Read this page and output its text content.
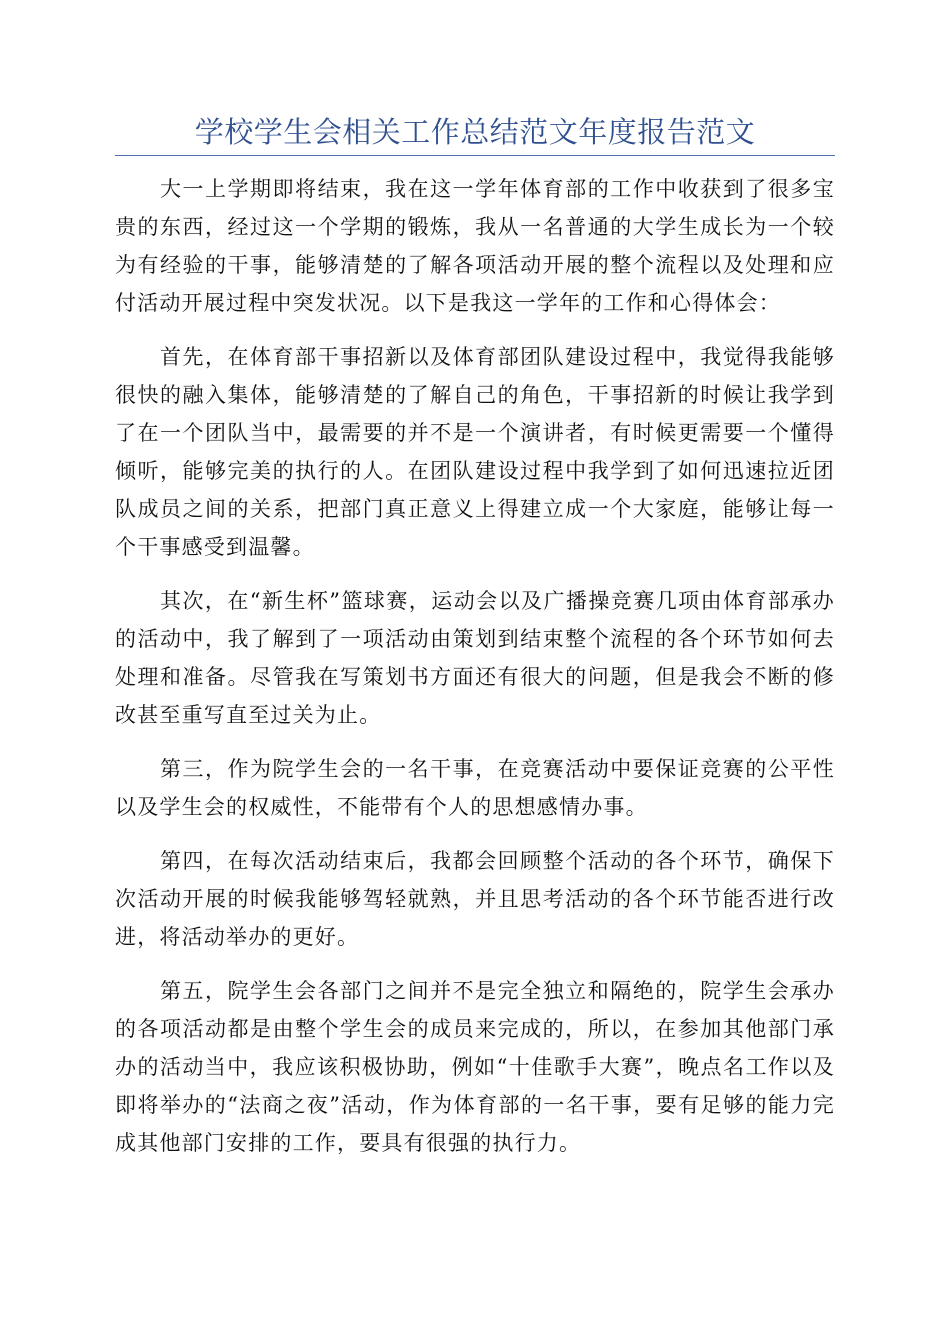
学校学生会相关工作总结范文年度报告范文

大一上学期即将结束，我在这一学年体育部的工作中收获到了很多宝贵的东西，经过这一个学期的锻炼，我从一名普通的大学生成长为一个较为有经验的干事，能够清楚的了解各项活动开展的整个流程以及处理和应付活动开展过程中突发状况。以下是我这一学年的工作和心得体会：

首先，在体育部干事招新以及体育部团队建设过程中，我觉得我能够很快的融入集体，能够清楚的了解自己的角色，干事招新的时候让我学到了在一个团队当中，最需要的并不是一个演讲者，有时候更需要一个懂得倾听，能够完美的执行的人。在团队建设过程中我学到了如何迅速拉近团队成员之间的关系，把部门真正意义上得建立成一个大家庭，能够让每一个干事感受到温馨。

其次，在“新生杯”篮球赛，运动会以及广播操竞赛几项由体育部承办的活动中，我了解到了一项活动由策划到结束整个流程的各个环节如何去处理和准备。尽管我在写策划书方面还有很大的问题，但是我会不断的修改甚至重写直至过关为止。

第三，作为院学生会的一名干事，在竞赛活动中要保证竞赛的公平性以及学生会的权威性，不能带有个人的思想感情办事。

第四，在每次活动结束后，我都会回顾整个活动的各个环节，确保下次活动开展的时候我能够驾轻就熟，并且思考活动的各个环节能否进行改进，将活动举办的更好。

第五，院学生会各部门之间并不是完全独立和隔绝的，院学生会承办的各项活动都是由整个学生会的成员来完成的，所以，在参加其他部门承办的活动当中，我应该积极协助，例如“十佳歌手大赛”，晚点名工作以及即将举办的“法商之夜”活动，作为体育部的一名干事，要有足够的能力完成其他部门安排的工作，要具有很强的执行力。
